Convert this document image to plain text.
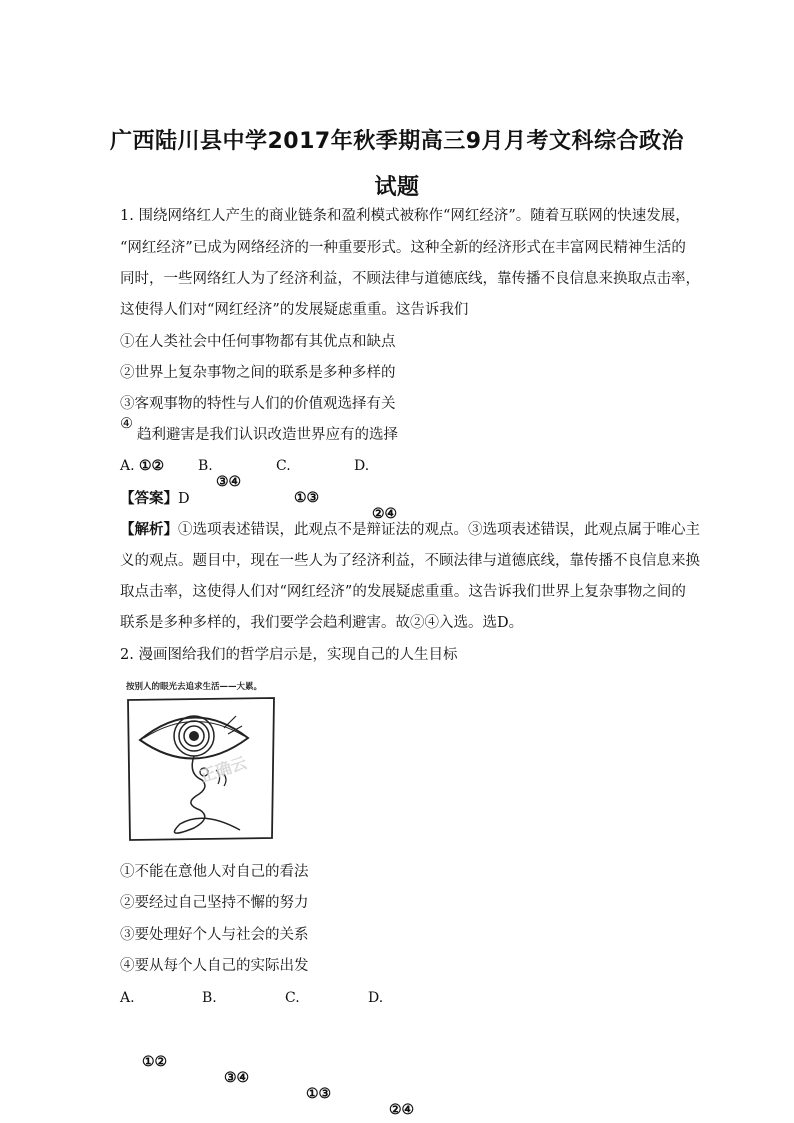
广西陆川县中学2017年秋季期高三9月月考文科综合政治
试题
1. 围绕网络红人产生的商业链条和盈利模式被称作“网红经济”。随着互联网的快速发展，
“网红经济”已成为网络经济的一种重要形式。这种全新的经济形式在丰富网民精神生活的
同时，一些网络红人为了经济利益，不顾法律与道德底线，靠传播不良信息来换取点击率，
这使得人们对“网红经济”的发展疑虑重重。这告诉我们
①在人类社会中任何事物都有其优点和缺点
②世界上复杂事物之间的联系是多种多样的
③客观事物的特性与人们的价值观选择有关
④
趋利避害是我们认识改造世界应有的选择
A. ①②	B.
③④
C.
①③
D.
②④
【答案】D
【解析】①选项表述错误，此观点不是辩证法的观点。③选项表述错误，此观点属于唯心主
义的观点。题目中，现在一些人为了经济利益，不顾法律与道德底线，靠传播不良信息来换
取点击率，这使得人们对“网红经济”的发展疑虑重重。这告诉我们世界上复杂事物之间的
联系是多种多样的，我们要学会趋利避害。故②④入选。选D。
2. 漫画图给我们的哲学启示是，实现自己的人生目标
按别人的眼光去追求生活——大累。
正确云
①不能在意他人对自己的看法
②要经过自己坚持不懈的努力
③要处理好个人与社会的关系
④要从每个人自己的实际出发
A.
①②
B.
③④
C.
①③
D.
②④
